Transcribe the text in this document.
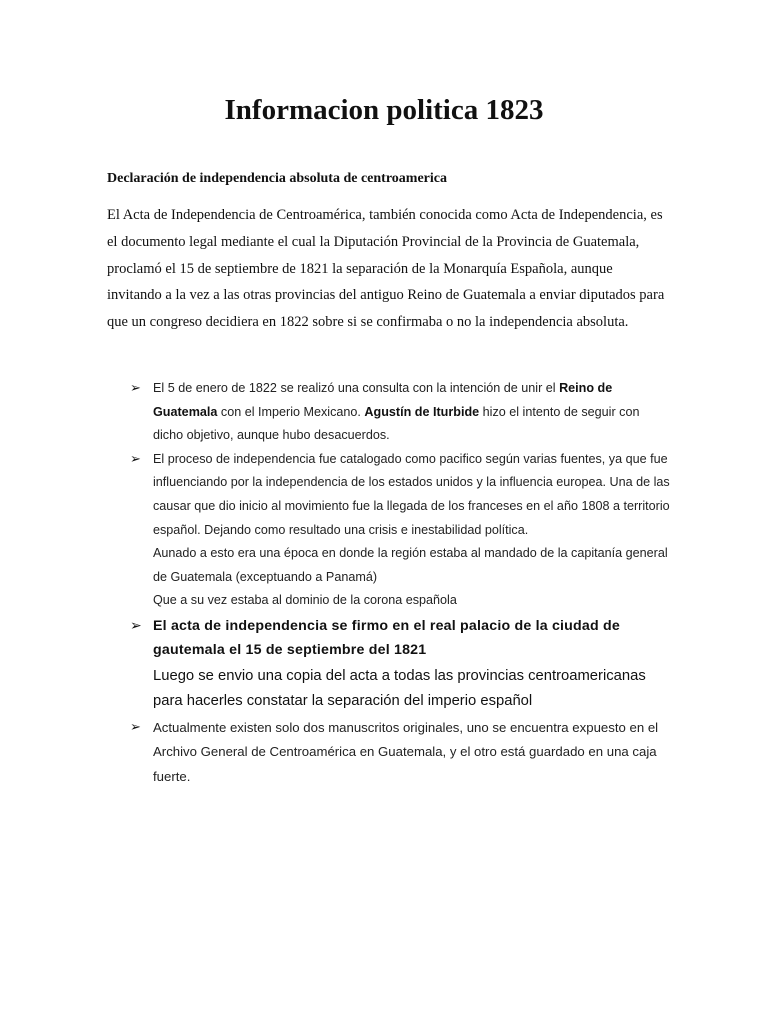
Informacion politica 1823

Declaración de independencia absoluta de centroamerica

El Acta de Independencia de Centroamérica, también conocida como Acta de Independencia, es el documento legal mediante el cual la Diputación Provincial de la Provincia de Guatemala, proclamó el 15 de septiembre de 1821 la separación de la Monarquía Española, aunque invitando a la vez a las otras provincias del antiguo Reino de Guatemala a enviar diputados para que un congreso decidiera en 1822 sobre si se confirmaba o no la independencia absoluta.

➢ El 5 de enero de 1822 se realizó una consulta con la intención de unir el Reino de Guatemala con el Imperio Mexicano. Agustín de Iturbide hizo el intento de seguir con dicho objetivo, aunque hubo desacuerdos.
➢ El proceso de independencia fue catalogado como pacifico según varias fuentes, ya que fue influenciando por la independencia de los estados unidos y la influencia europea. Una de las causar que dio inicio al movimiento fue la llegada de los franceses en el año 1808 a territorio español. Dejando como resultado una crisis e inestabilidad política.
Aunado a esto era una época en donde la región estaba al mandado de la capitanía general de Guatemala (exceptuando a Panamá)
Que a su vez estaba al dominio de la corona española
➢ El acta de independencia se firmo en el real palacio de la ciudad de gautemala el 15 de septiembre del 1821
Luego se envio una copia del acta a todas las provincias centroamericanas para hacerles constatar la separación del imperio español
➢ Actualmente existen solo dos manuscritos originales, uno se encuentra expuesto en el Archivo General de Centroamérica en Guatemala, y el otro está guardado en una caja fuerte.
